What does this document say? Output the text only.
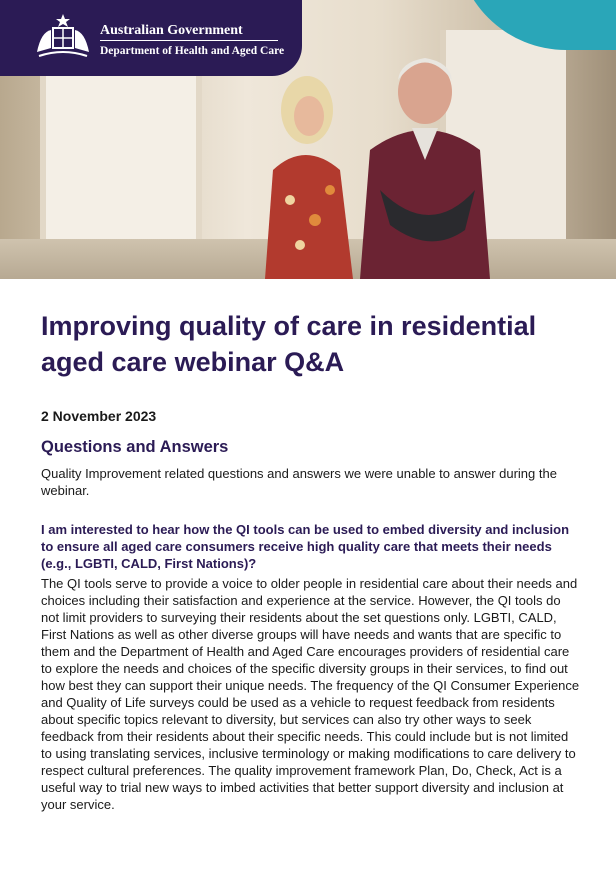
Australian Government
Department of Health and Aged Care
Improving quality of care in residential aged care webinar Q&A
2 November 2023
Questions and Answers
Quality Improvement related questions and answers we were unable to answer during the webinar.
I am interested to hear how the QI tools can be used to embed diversity and inclusion to ensure all aged care consumers receive high quality care that meets their needs (e.g., LGBTI, CALD, First Nations)?
The QI tools serve to provide a voice to older people in residential care about their needs and choices including their satisfaction and experience at the service. However, the QI tools do not limit providers to surveying their residents about the set questions only. LGBTI, CALD, First Nations as well as other diverse groups will have needs and wants that are specific to them and the Department of Health and Aged Care encourages providers of residential care to explore the needs and choices of the specific diversity groups in their services, to find out how best they can support their unique needs. The frequency of the QI Consumer Experience and Quality of Life surveys could be used as a vehicle to request feedback from residents about specific topics relevant to diversity, but services can also try other ways to seek feedback from their residents about their specific needs. This could include but is not limited to using translating services, inclusive terminology or making modifications to care delivery to respect cultural preferences. The quality improvement framework Plan, Do, Check, Act is a useful way to trial new ways to imbed activities that better support diversity and inclusion at your service.
